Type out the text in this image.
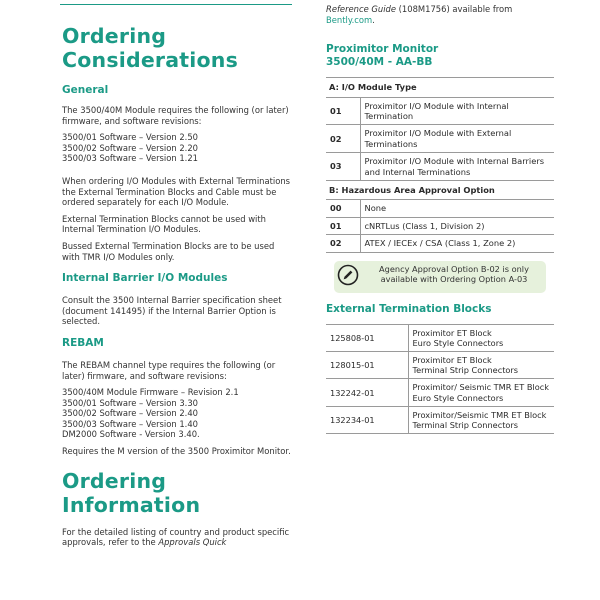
Ordering
Considerations
General
The 3500/40M Module requires the following (or later) firmware, and software revisions:
3500/01 Software – Version 2.50
3500/02 Software – Version 2.20
3500/03 Software – Version 1.21
When ordering I/O Modules with External Terminations the External Termination Blocks and Cable must be ordered separately for each I/O Module.
External Termination Blocks cannot be used with Internal Termination I/O Modules.
Bussed External Termination Blocks are to be used with TMR I/O Modules only.
Internal Barrier I/O Modules
Consult the 3500 Internal Barrier specification sheet (document 141495) if the Internal Barrier Option is selected.
REBAM
The REBAM channel type requires the following (or later) firmware, and software revisions:
3500/40M Module Firmware – Revision 2.1
3500/01 Software – Version 3.30
3500/02 Software – Version 2.40
3500/03 Software – Version 1.40
DM2000 Software - Version 3.40.
Requires the M version of the 3500 Proximitor Monitor.
Ordering Information
For the detailed listing of country and product specific approvals, refer to the Approvals Quick
Reference Guide (108M1756) available from
Bently.com.
Proximitor Monitor
3500/40M - AA-BB
A: I/O Module Type	
01	Proximitor I/O Module with Internal Termination
02	Proximitor I/O Module with External Terminations
03	Proximitor I/O Module with Internal Barriers and Internal Terminations
B: Hazardous Area Approval Option	
00	None
01	cNRTLus (Class 1, Division 2)
02	ATEX / IECEx / CSA (Class 1, Zone 2)
Agency Approval Option B-02 is only available with Ordering Option A-03
External Termination Blocks
125808-01	Proximitor ET Block
Euro Style Connectors

128015-01	Proximitor ET Block
Terminal Strip Connectors

132242-01	Proximitor/ Seismic TMR ET Block
Euro Style Connectors

132234-01	Proximitor/Seismic TMR ET Block
Terminal Strip Connectors
